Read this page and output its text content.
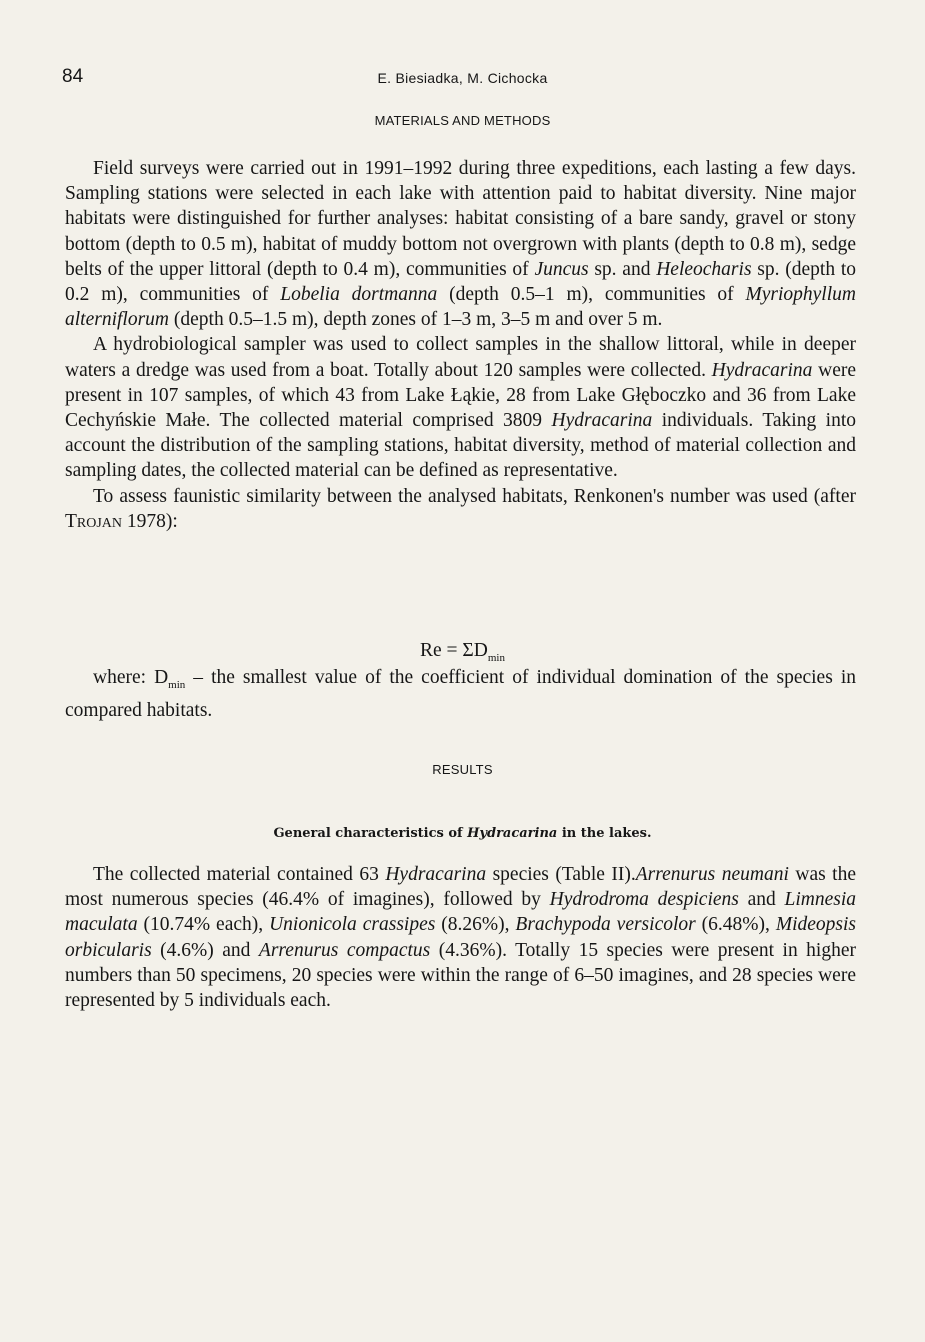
84	E. Biesiadka, M. Cichocka
MATERIALS AND METHODS

Field surveys were carried out in 1991–1992 during three expeditions, each lasting a few days. Sampling stations were selected in each lake with attention paid to habitat diversity. Nine major habitats were distinguished for further analyses: habitat consisting of a bare sandy, gravel or stony bottom (depth to 0.5 m), habitat of muddy bottom not overgrown with plants (depth to 0.8 m), sedge belts of the upper littoral (depth to 0.4 m), communities of Juncus sp. and Heleocharis sp. (depth to 0.2 m), communities of Lobelia dortmanna (depth 0.5–1 m), communities of Myriophyllum alterniflorum (depth 0.5–1.5 m), depth zones of 1–3 m, 3–5 m and over 5 m.

A hydrobiological sampler was used to collect samples in the shallow littoral, while in deeper waters a dredge was used from a boat. Totally about 120 samples were collected. Hydracarina were present in 107 samples, of which 43 from Lake Łąkie, 28 from Lake Głęboczko and 36 from Lake Cechyńskie Małe. The collected material comprised 3809 Hydracarina individuals. Taking into account the distribution of the sampling stations, habitat diversity, method of material collection and sampling dates, the collected material can be defined as representative.

To assess faunistic similarity between the analysed habitats, Renkonen's number was used (after Trojan 1978):

$Re = \Sigma D_{min}$

where: $D_{min}$ – the smallest value of the coefficient of individual domination of the species in compared habitats.

RESULTS
General characteristics of Hydracarina in the lakes.

The collected material contained 63 Hydracarina species (Table II).Arrenurus neumani was the most numerous species (46.4% of imagines), followed by Hydrodroma despiciens and Limnesia maculata (10.74% each), Unionicola crassipes (8.26%), Brachypoda versicolor (6.48%), Mideopsis orbicularis (4.6%) and Arrenurus compactus (4.36%). Totally 15 species were present in higher numbers than 50 specimens, 20 species were within the range of 6–50 imagines, and 28 species were represented by 5 individuals each.
